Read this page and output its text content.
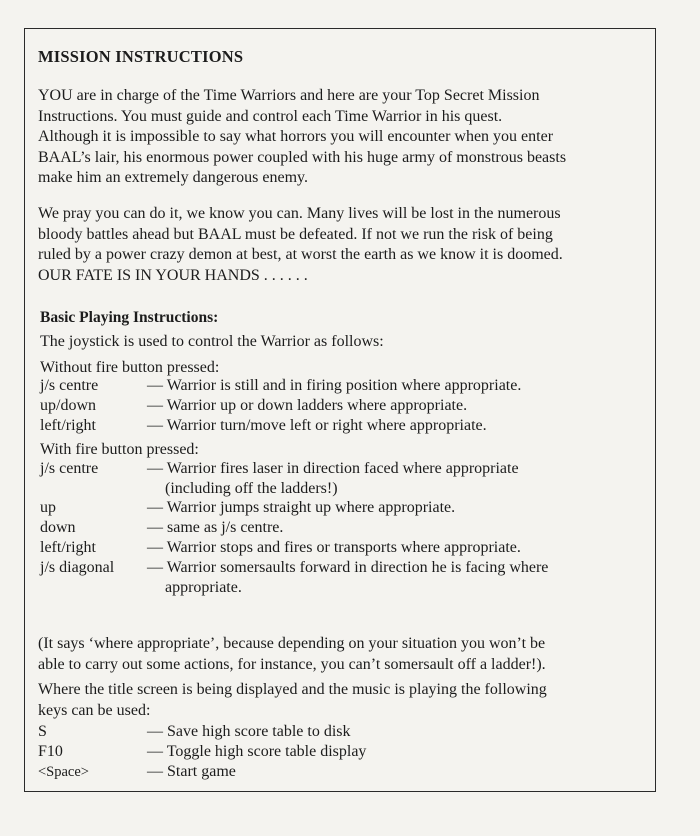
MISSION INSTRUCTIONS
YOU are in charge of the Time Warriors and here are your Top Secret Mission
Instructions. You must guide and control each Time Warrior in his quest.
Although it is impossible to say what horrors you will encounter when you enter
BAAL’s lair, his enormous power coupled with his huge army of monstrous beasts
make him an extremely dangerous enemy.
We pray you can do it, we know you can. Many lives will be lost in the numerous
bloody battles ahead but BAAL must be defeated. If not we run the risk of being
ruled by a power crazy demon at best, at worst the earth as we know it is doomed.
OUR FATE IS IN YOUR HANDS . . . . . .
Basic Playing Instructions:
The joystick is used to control the Warrior as follows:
Without fire button pressed:
j/s centre	— Warrior is still and in firing position where appropriate.
up/down	— Warrior up or down ladders where appropriate.
left/right	— Warrior turn/move left or right where appropriate.
With fire button pressed:
j/s centre	— Warrior fires laser in direction faced where appropriate
(including off the ladders!)
up	— Warrior jumps straight up where appropriate.
down	— same as j/s centre.
left/right	— Warrior stops and fires or transports where appropriate.
j/s diagonal — Warrior somersaults forward in direction he is facing where
appropriate.
(It says ‘where appropriate’, because depending on your situation you won’t be
able to carry out some actions, for instance, you can’t somersault off a ladder!).
Where the title screen is being displayed and the music is playing the following
keys can be used:
S	— Save high score table to disk
F10	— Toggle high score table display
<Space>	— Start game
